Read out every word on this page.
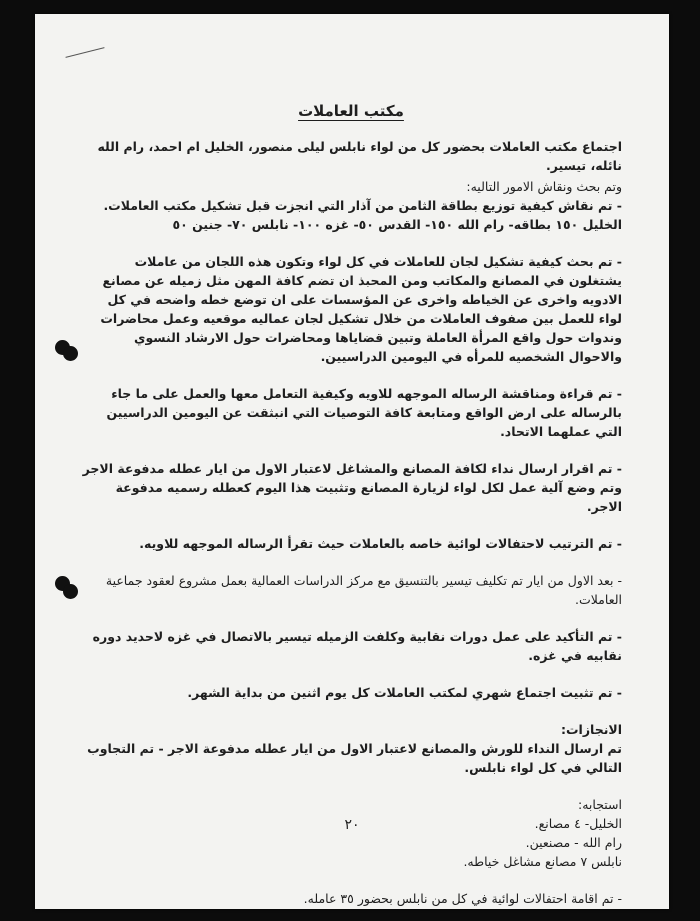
مكتب العاملات
اجتماع مكتب العاملات بحضور كل من لواء نابلس ليلى منصور، الخليل ام احمد، رام الله نائله، تيسير.
وتم بحث ونقاش الامور التاليه:
- تم نقاش كيفية توزيع بطاقة الثامن من آذار التي انجزت قبل تشكيل مكتب العاملات. الخليل ١٥٠ بطاقه- رام الله ١٥٠- القدس ٥٠- غزه ١٠٠- نابلس ٧٠- جنين ٥٠
- تم بحث كيفية تشكيل لجان للعاملات في كل لواء وتكون هذه اللجان من عاملات يشتغلون في المصانع والمكاتب ومن المحبذ ان تضم كافة المهن مثل زميله عن مصانع الادويه واخرى عن الخياطه واخرى عن المؤسسات على ان توضع خطه واضحه في كل لواء للعمل بين صفوف العاملات من خلال تشكيل لجان عماليه موقعيه وعمل محاضرات وندوات حول واقع المرأة العاملة وتبين قضاياها ومحاضرات حول الارشاد النسوي والاحوال الشخصيه للمرأه في اليومين الدراسيين.
- تم قراءة ومناقشة الرساله الموجهه للاويه وكيفية التعامل معها والعمل على ما جاء بالرساله على ارض الواقع ومتابعة كافة التوصيات التي انبثقت عن اليومين الدراسيين التي عملهما الاتحاد.
- تم اقرار ارسال نداء لكافة المصانع والمشاغل لاعتبار الاول من ايار عطله مدفوعة الاجر وتم وضع آلية عمل لكل لواء لزيارة المصانع وتثبيت هذا اليوم كعطله رسميه مدفوعة الاجر.
- تم الترتيب لاحتفالات لوائية خاصه بالعاملات حيث تقرأ الرساله الموجهه للاويه.
- بعد الاول من ايار تم تكليف تيسير بالتنسيق مع مركز الدراسات العمالية بعمل مشروع لعقود جماعية العاملات.
- تم التأكيد على عمل دورات نقابية وكلفت الزميله تيسير بالاتصال في غزه لاحديد دوره نقابيه في غزه.
- تم تثبيت اجتماع شهري لمكتب العاملات كل يوم اثنين من بداية الشهر.
الانجازات:
تم ارسال النداء للورش والمصانع لاعتبار الاول من ايار عطله مدفوعة الاجر - تم التجاوب التالي في كل لواء نابلس.
استجابه:
الخليل- ٤ مصانع.
رام الله - مصنعين.
نابلس ٧ مصانع مشاغل خياطه.
- تم اقامة احتفالات لوائية في كل من نابلس بحضور ٣٥ عامله.
٢٠
